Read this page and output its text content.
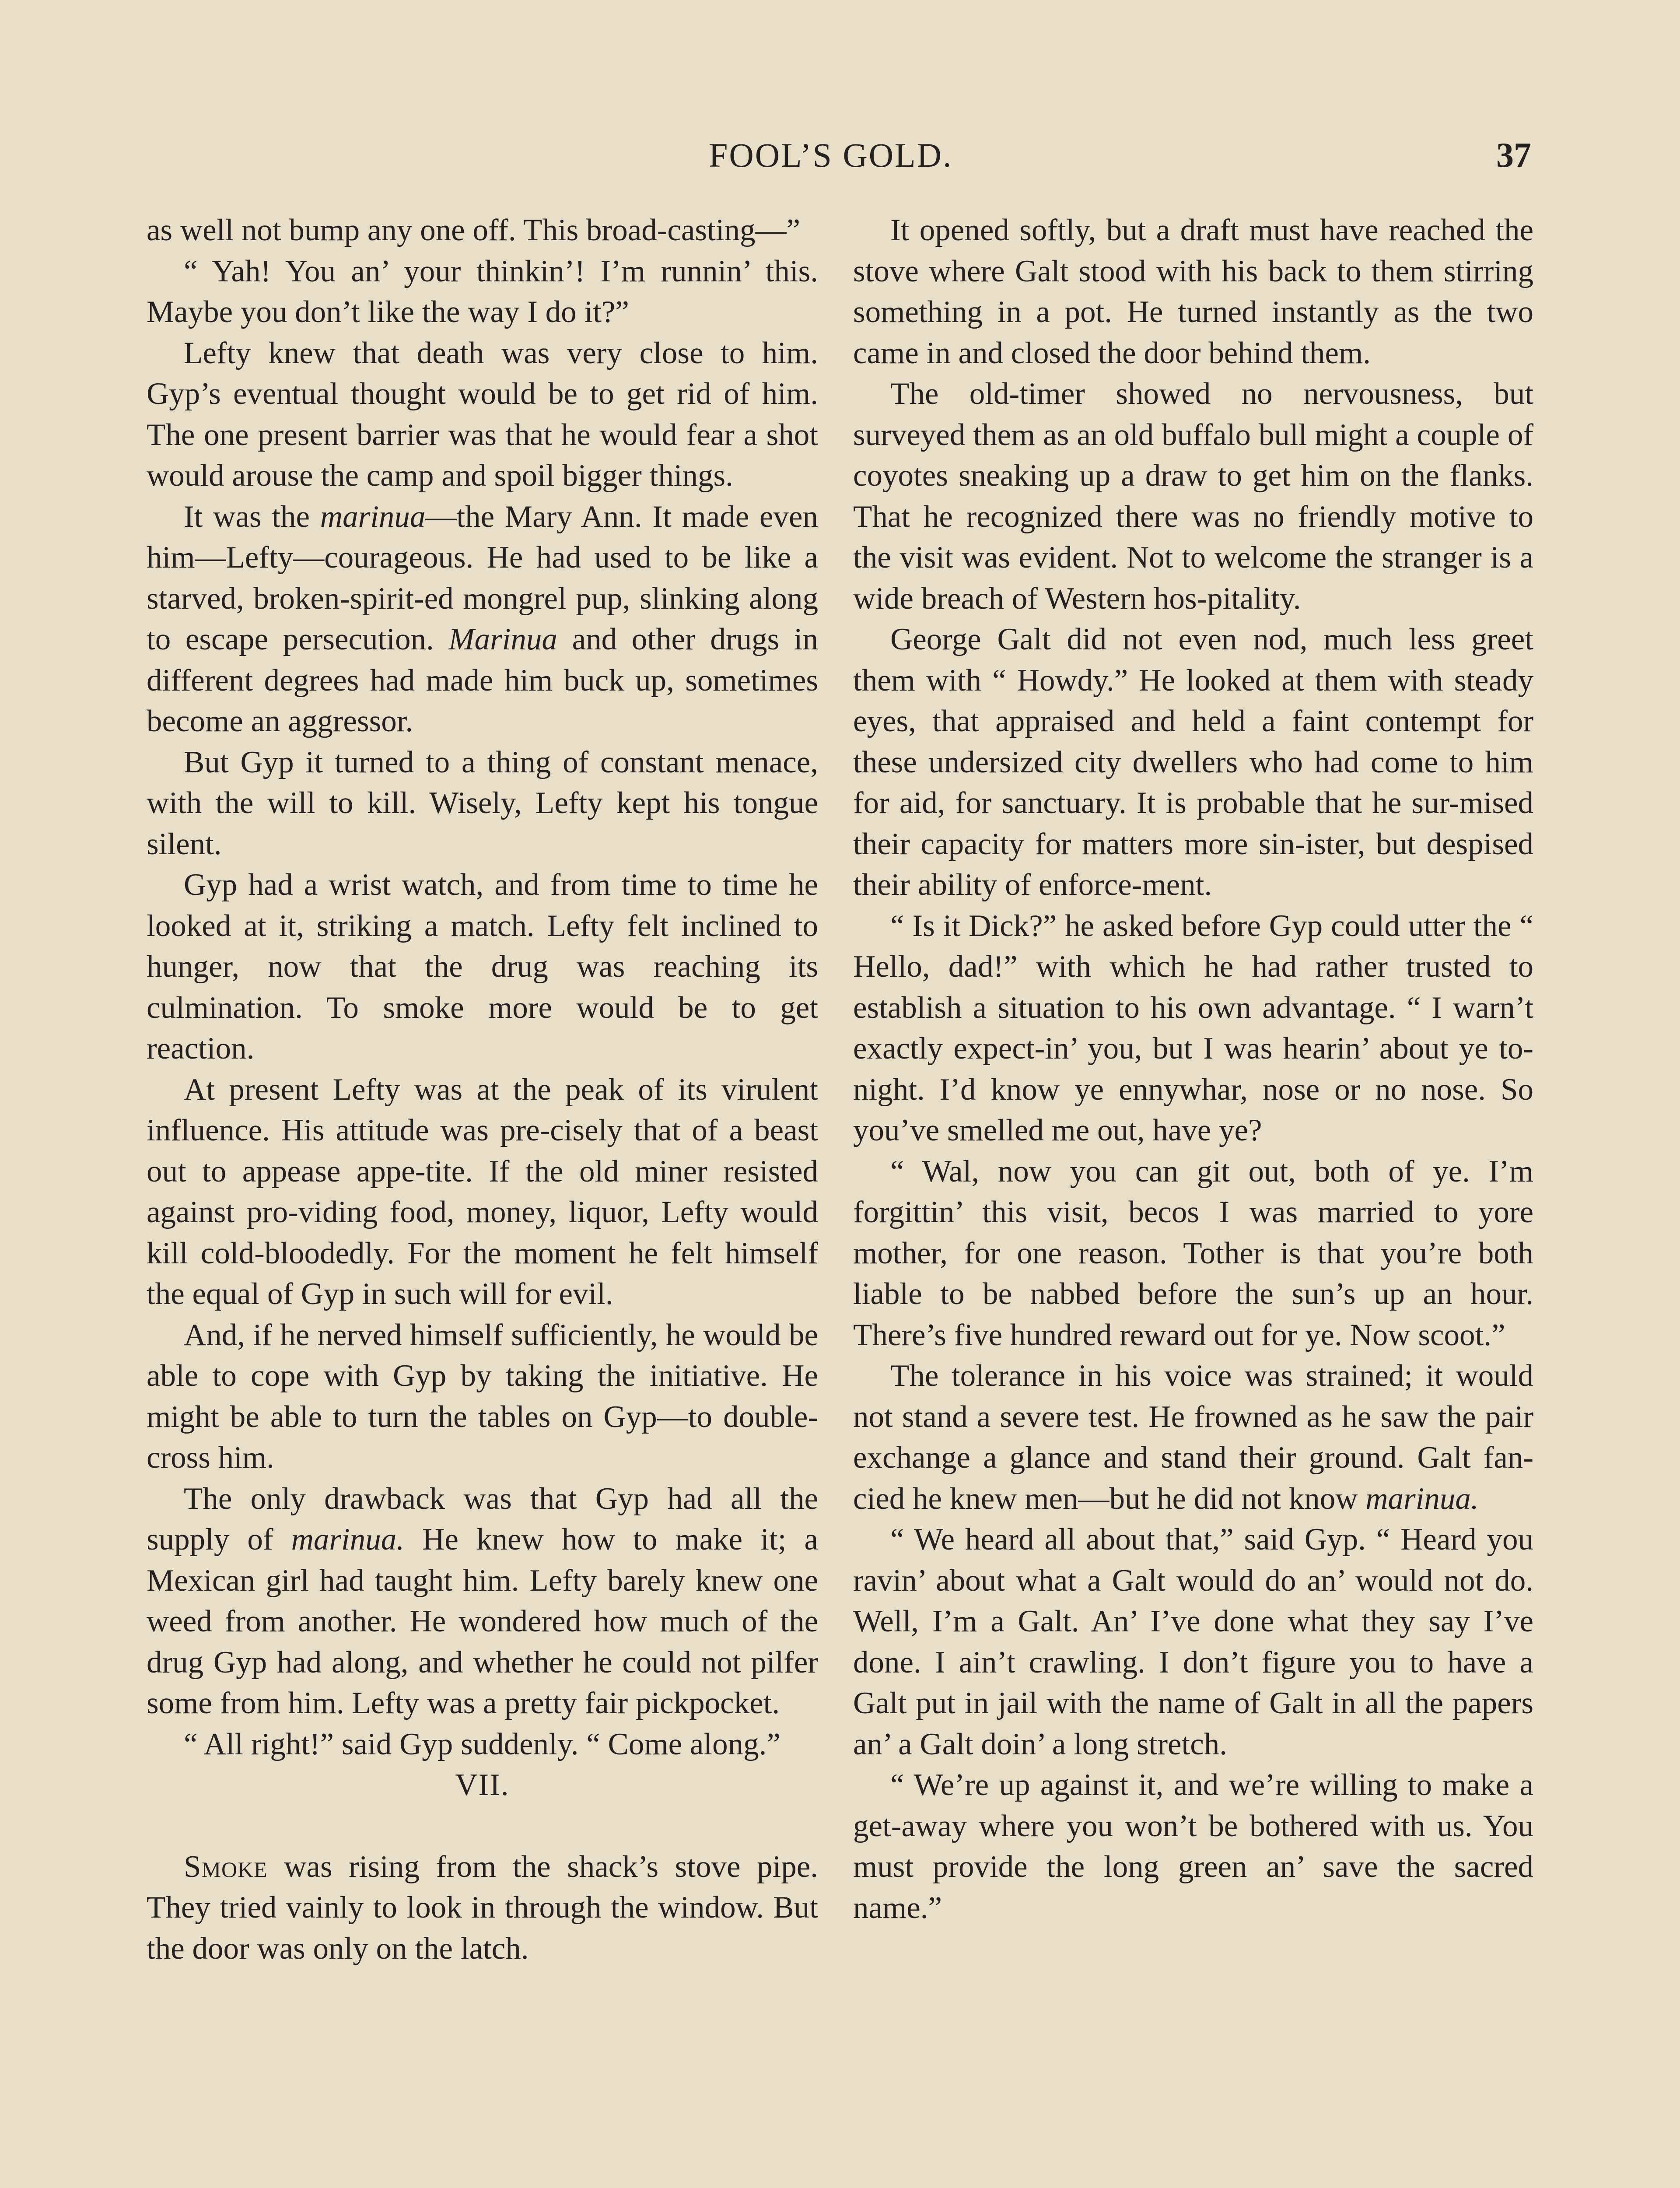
FOOL’S GOLD.	37

as well not bump any one off. This broad-casting—”

“ Yah! You an’ your thinkin’! I’m runnin’ this. Maybe you don’t like the way I do it?”

Lefty knew that death was very close to him. Gyp’s eventual thought would be to get rid of him. The one present barrier was that he would fear a shot would arouse the camp and spoil bigger things.

It was the marinua—the Mary Ann. It made even him—Lefty—courageous. He had used to be like a starved, broken-spirit-ed mongrel pup, slinking along to escape persecution. Marinua and other drugs in different degrees had made him buck up, sometimes become an aggressor.

But Gyp it turned to a thing of constant menace, with the will to kill. Wisely, Lefty kept his tongue silent.

Gyp had a wrist watch, and from time to time he looked at it, striking a match. Lefty felt inclined to hunger, now that the drug was reaching its culmination. To smoke more would be to get reaction.

At present Lefty was at the peak of its virulent influence. His attitude was pre-cisely that of a beast out to appease appe-tite. If the old miner resisted against pro-viding food, money, liquor, Lefty would kill cold-bloodedly. For the moment he felt himself the equal of Gyp in such will for evil.

And, if he nerved himself sufficiently, he would be able to cope with Gyp by taking the initiative. He might be able to turn the tables on Gyp—to double-cross him.

The only drawback was that Gyp had all the supply of marinua. He knew how to make it; a Mexican girl had taught him. Lefty barely knew one weed from another. He wondered how much of the drug Gyp had along, and whether he could not pilfer some from him. Lefty was a pretty fair pickpocket.

“ All right!” said Gyp suddenly. “ Come along.”

VII.

Smoke was rising from the shack’s stove pipe. They tried vainly to look in through the window. But the door was only on the latch.

It opened softly, but a draft must have reached the stove where Galt stood with his back to them stirring something in a pot. He turned instantly as the two came in and closed the door behind them.

The old-timer showed no nervousness, but surveyed them as an old buffalo bull might a couple of coyotes sneaking up a draw to get him on the flanks. That he recognized there was no friendly motive to the visit was evident. Not to welcome the stranger is a wide breach of Western hos-pitality.

George Galt did not even nod, much less greet them with “ Howdy.” He looked at them with steady eyes, that appraised and held a faint contempt for these undersized city dwellers who had come to him for aid, for sanctuary. It is probable that he sur-mised their capacity for matters more sin-ister, but despised their ability of enforce-ment.

“ Is it Dick?” he asked before Gyp could utter the “ Hello, dad!” with which he had rather trusted to establish a situation to his own advantage. “ I warn’t exactly expect-in’ you, but I was hearin’ about ye to-night. I’d know ye ennywhar, nose or no nose. So you’ve smelled me out, have ye?

“ Wal, now you can git out, both of ye. I’m forgittin’ this visit, becos I was married to yore mother, for one reason. Tother is that you’re both liable to be nabbed before the sun’s up an hour. There’s five hundred reward out for ye. Now scoot.”

The tolerance in his voice was strained; it would not stand a severe test. He frowned as he saw the pair exchange a glance and stand their ground. Galt fan-cied he knew men—but he did not know marinua.

“ We heard all about that,” said Gyp. “ Heard you ravin’ about what a Galt would do an’ would not do. Well, I’m a Galt. An’ I’ve done what they say I’ve done. I ain’t crawling. I don’t figure you to have a Galt put in jail with the name of Galt in all the papers an’ a Galt doin’ a long stretch.

“ We’re up against it, and we’re willing to make a get-away where you won’t be bothered with us. You must provide the long green an’ save the sacred name.”
